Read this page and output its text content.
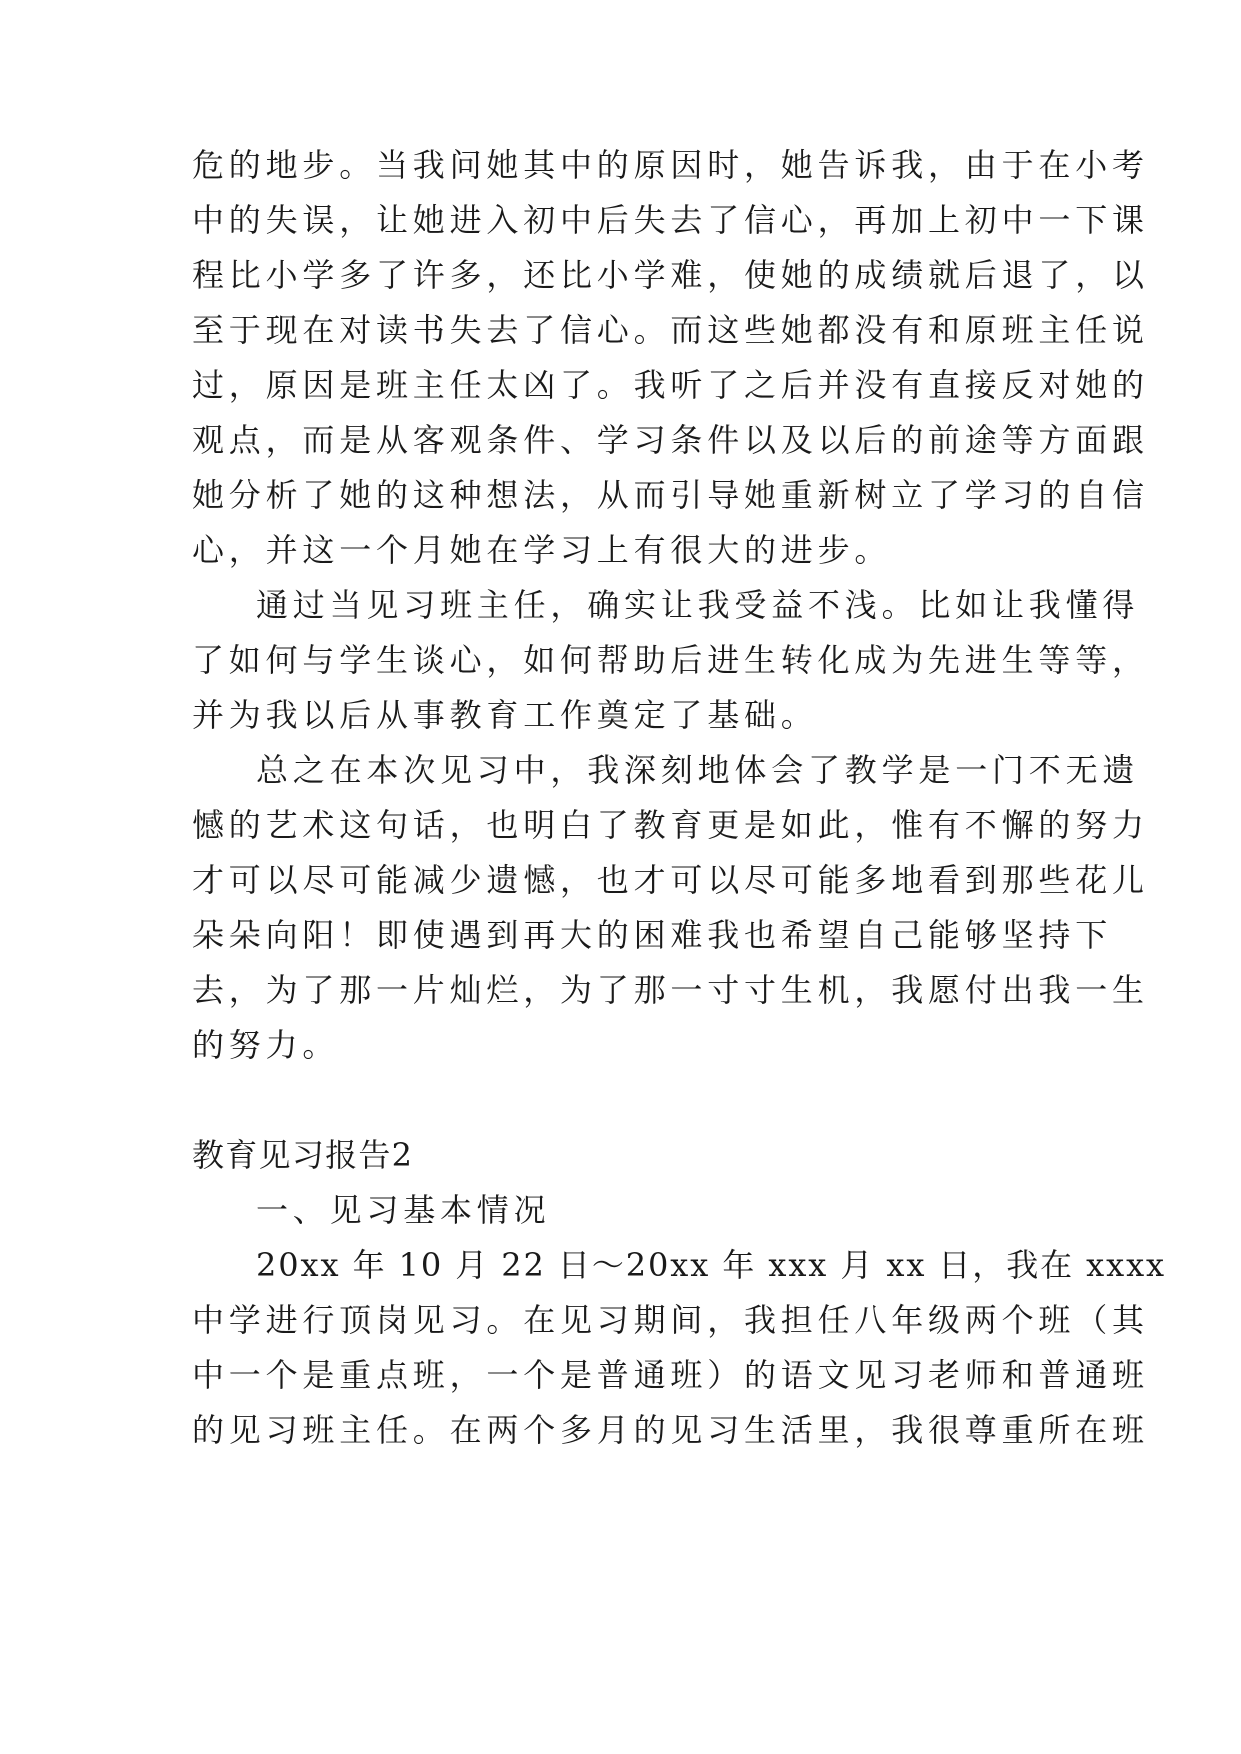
危的地步。当我问她其中的原因时，她告诉我，由于在小考

中的失误，让她进入初中后失去了信心，再加上初中一下课

程比小学多了许多，还比小学难，使她的成绩就后退了，以

至于现在对读书失去了信心。而这些她都没有和原班主任说

过，原因是班主任太凶了。我听了之后并没有直接反对她的

观点，而是从客观条件、学习条件以及以后的前途等方面跟

她分析了她的这种想法，从而引导她重新树立了学习的自信

心，并这一个月她在学习上有很大的进步。

通过当见习班主任，确实让我受益不浅。比如让我懂得

了如何与学生谈心，如何帮助后进生转化成为先进生等等，

并为我以后从事教育工作奠定了基础。

总之在本次见习中，我深刻地体会了教学是一门不无遗

憾的艺术这句话，也明白了教育更是如此，惟有不懈的努力

才可以尽可能减少遗憾，也才可以尽可能多地看到那些花儿

朵朵向阳！即使遇到再大的困难我也希望自己能够坚持下

去，为了那一片灿烂，为了那一寸寸生机，我愿付出我一生

的努力。

教育见习报告2

一、见习基本情况

20xx 年 10 月 22 日～20xx 年 xxx 月 xx 日，我在 xxxx

中学进行顶岗见习。在见习期间，我担任八年级两个班（其

中一个是重点班，一个是普通班）的语文见习老师和普通班

的见习班主任。在两个多月的见习生活里，我很尊重所在班
